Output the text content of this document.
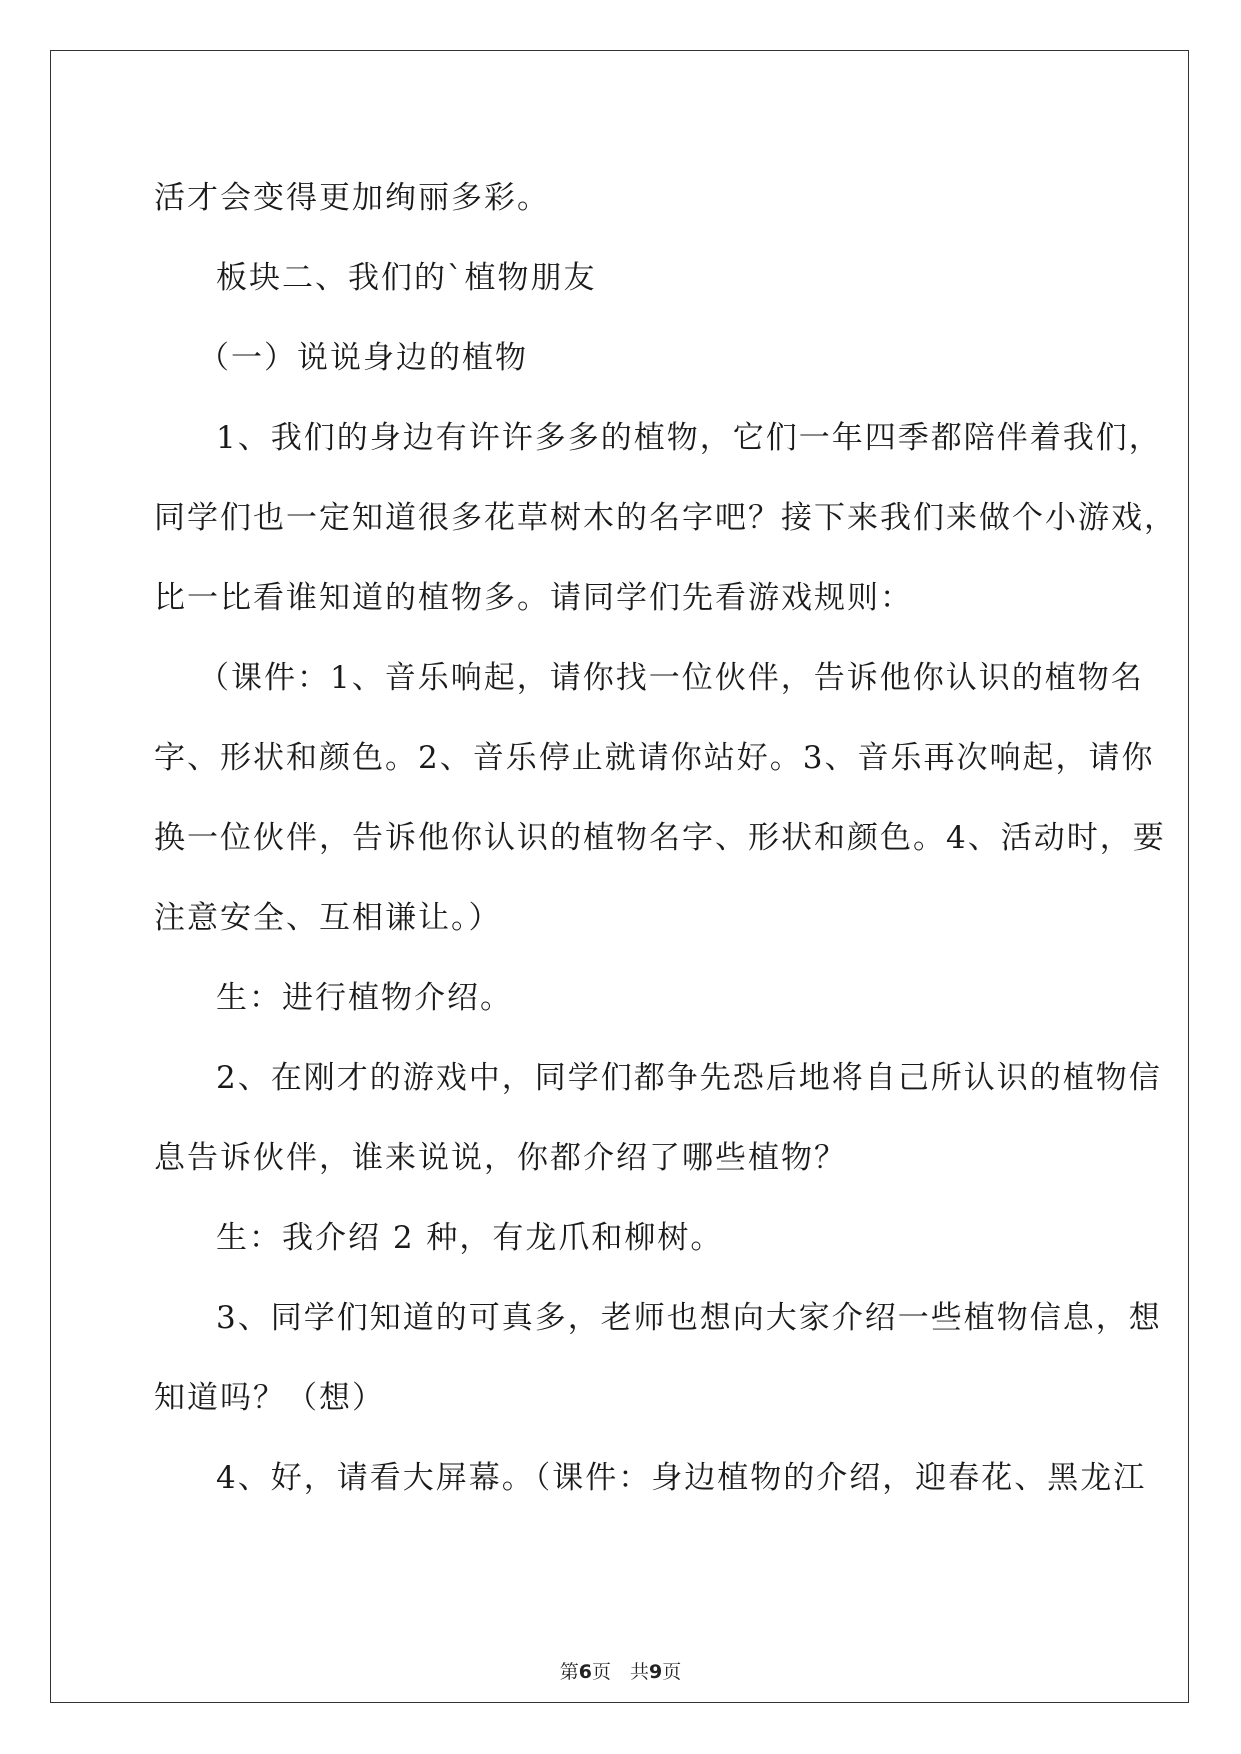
活才会变得更加绚丽多彩。
板块二、我们的`植物朋友
（一）说说身边的植物
1、我们的身边有许许多多的植物，它们一年四季都陪伴着我们，
同学们也一定知道很多花草树木的名字吧？接下来我们来做个小游戏，
比一比看谁知道的植物多。请同学们先看游戏规则：
（课件：1、音乐响起，请你找一位伙伴，告诉他你认识的植物名
字、形状和颜色。2、音乐停止就请你站好。3、音乐再次响起，请你
换一位伙伴，告诉他你认识的植物名字、形状和颜色。4、活动时，要
注意安全、互相谦让。）
生：进行植物介绍。
2、在刚才的游戏中，同学们都争先恐后地将自己所认识的植物信
息告诉伙伴，谁来说说，你都介绍了哪些植物？
生：我介绍 2 种，有龙爪和柳树。
3、同学们知道的可真多，老师也想向大家介绍一些植物信息，想
知道吗？（想）
4、好，请看大屏幕。（课件：身边植物的介绍，迎春花、黑龙江
第6页　共9页
